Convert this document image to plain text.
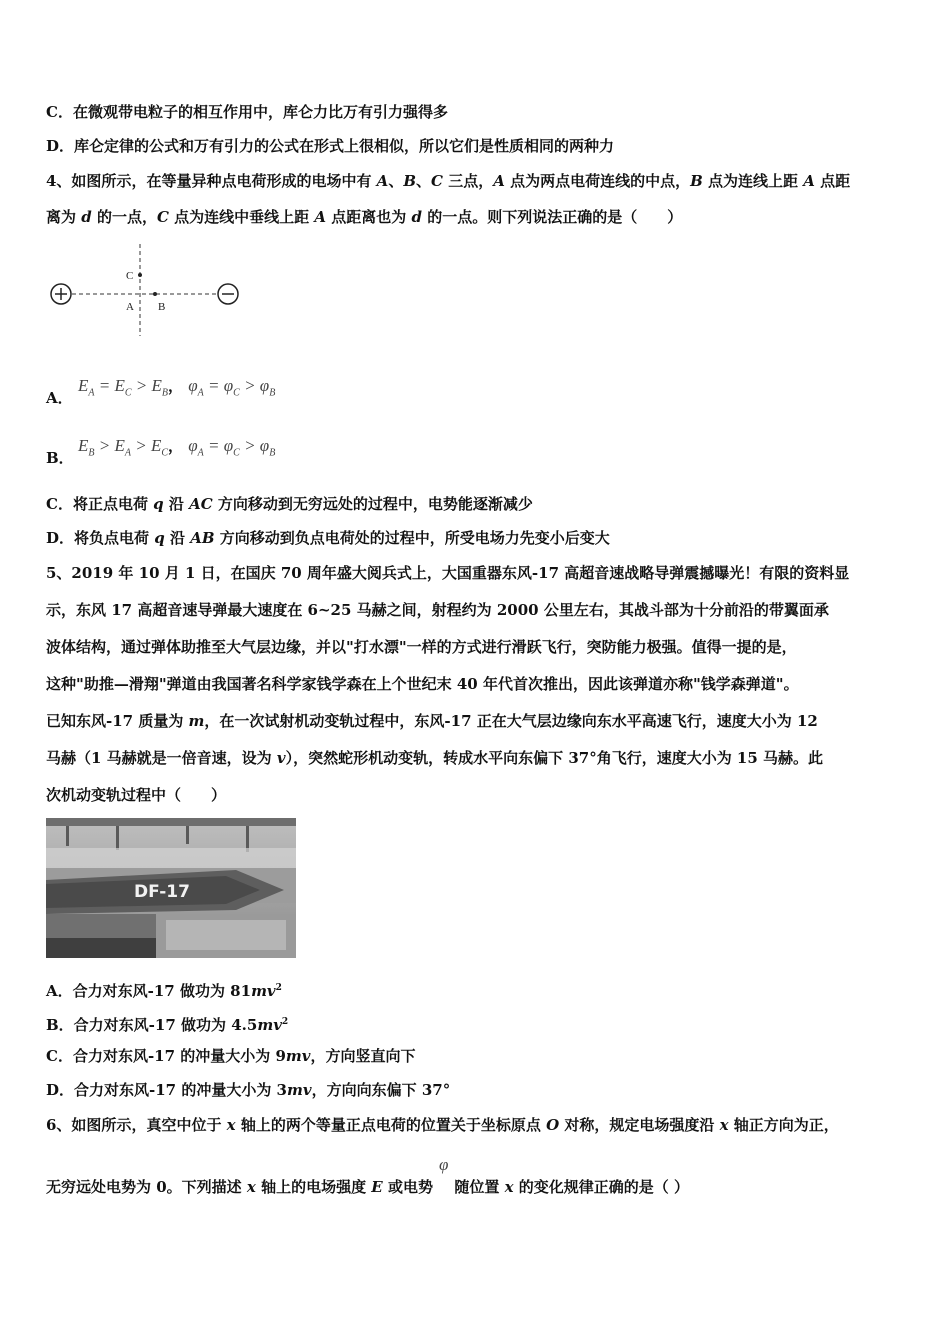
C．在微观带电粒子的相互作用中，库仑力比万有引力强得多
D．库仑定律的公式和万有引力的公式在形式上很相似，所以它们是性质相同的两种力
4、如图所示，在等量异种点电荷形成的电场中有 A、B、C 三点，A 点为两点电荷连线的中点，B 点为连线上距 A 点距
离为 d 的一点，C 点为连线中垂线上距 A 点距离也为 d 的一点。则下列说法正确的是（　　）
C
A B
A．
$E_A = E_C > E_B$， $\varphi_A = \varphi_C > \varphi_B$
B．
$E_B > E_A > E_C$， $\varphi_A = \varphi_C > \varphi_B$
C．将正点电荷 q 沿 AC 方向移动到无穷远处的过程中，电势能逐渐减少
D．将负点电荷 q 沿 AB 方向移动到负点电荷处的过程中，所受电场力先变小后变大
5、2019 年 10 月 1 日，在国庆 70 周年盛大阅兵式上，大国重器东风-17 高超音速战略导弹震撼曝光！有限的资料显
示，东风 17 高超音速导弹最大速度在 6~25 马赫之间，射程约为 2000 公里左右，其战斗部为十分前沿的带翼面承
波体结构，通过弹体助推至大气层边缘，并以"打水漂"一样的方式进行滑跃飞行，突防能力极强。值得一提的是，
这种"助推—滑翔"弹道由我国著名科学家钱学森在上个世纪末 40 年代首次推出，因此该弹道亦称"钱学森弹道"。
已知东风-17 质量为 m，在一次试射机动变轨过程中，东风-17 正在大气层边缘向东水平高速飞行，速度大小为 12
马赫（1 马赫就是一倍音速，设为 v），突然蛇形机动变轨，转成水平向东偏下 37°角飞行，速度大小为 15 马赫。此
次机动变轨过程中（　　）
DF-17
A．合力对东风-17 做功为 $81mv^2$
B．合力对东风-17 做功为 $4.5mv^2$
C．合力对东风-17 的冲量大小为 9mv，方向竖直向下
D．合力对东风-17 的冲量大小为 3mv，方向向东偏下 37°
6、如图所示，真空中位于 x 轴上的两个等量正点电荷的位置关于坐标原点 O 对称，规定电场强度沿 x 轴正方向为正，
无穷远处电势为 0。下列描述 x 轴上的电场强度 E 或电势φ随位置 x 的变化规律正确的是（ ）
